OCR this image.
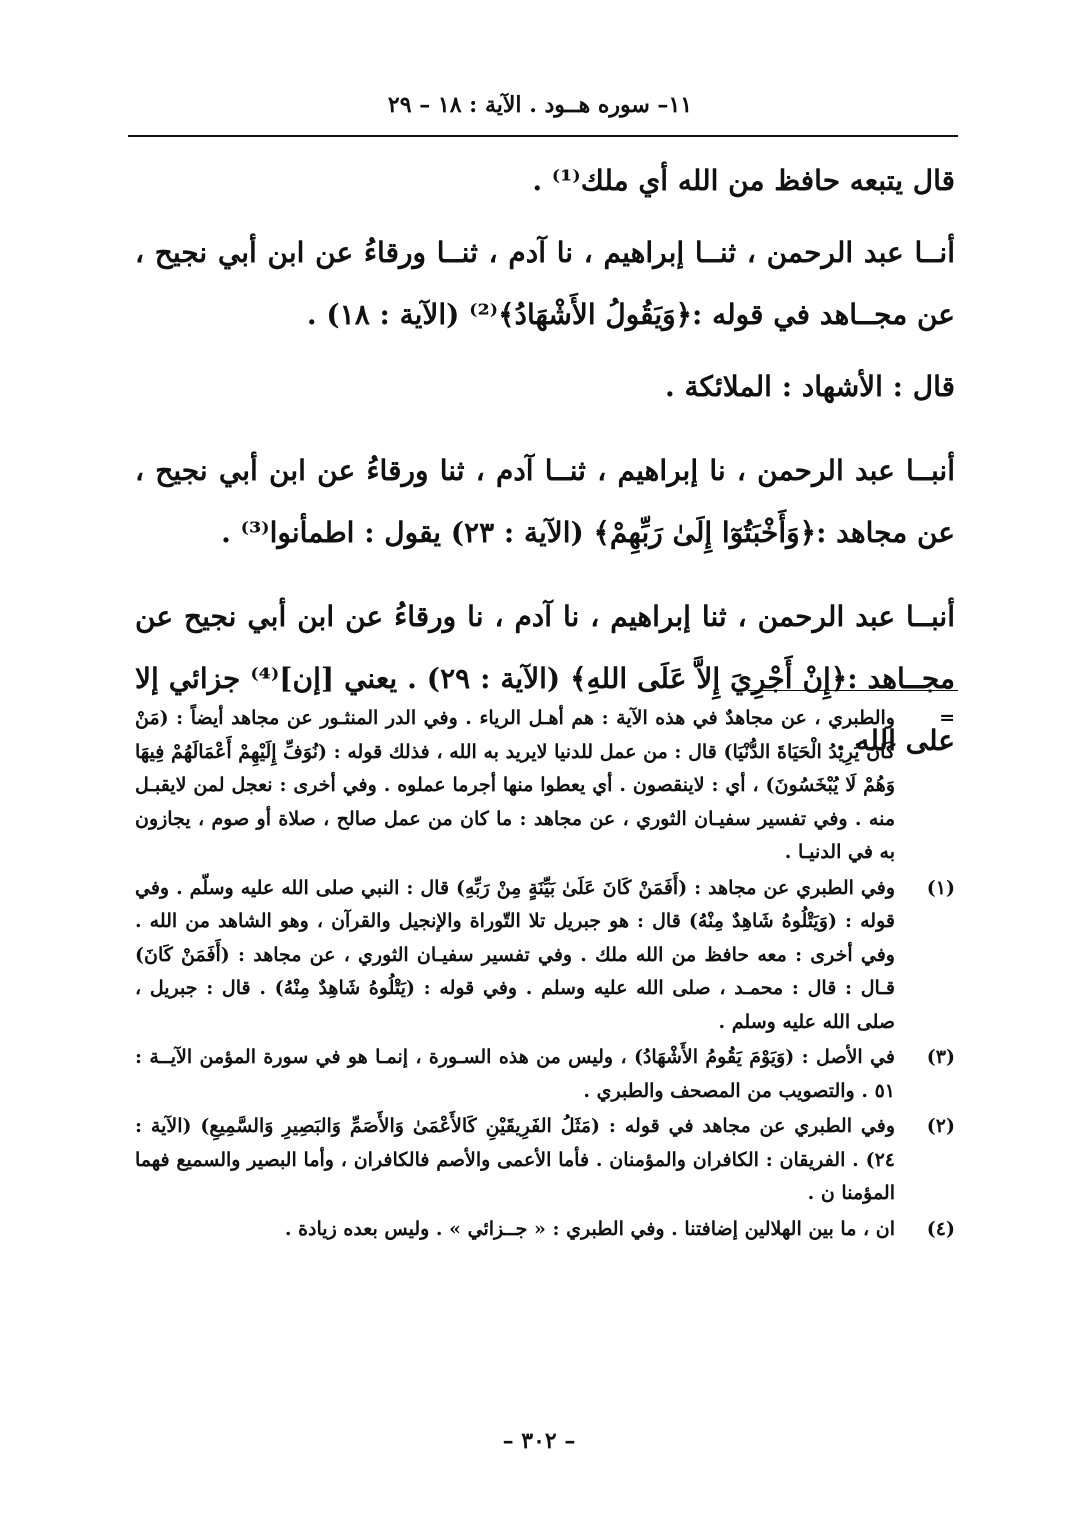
١١– سوره هــود . الآية : ١٨ – ٢٩

قال يتبعه حافظ من الله أي ملك⁽¹⁾ .

أنــا عبد الرحمن ، ثنــا إبراهيم ، نا آدم ، ثنــا ورقاءُ عن ابن أبي نجيح ، عن مجــاهد في قوله :﴿وَيَقُولُ الأَشْهَادُ﴾⁽²⁾ (الآية : ١٨) .

قال : الأشهاد : الملائكة .

أنبــا عبد الرحمن ، نا إبراهيم ، ثنــا آدم ، ثنا ورقاءُ عن ابن أبي نجيح ، عن مجاهد :﴿وَأَخْبَتُوٓا إِلَىٰ رَبِّهِمْ﴾ (الآية : ٢٣) يقول : اطمأنوا⁽³⁾ .

أنبــا عبد الرحمن ، ثنا إبراهيم ، نا آدم ، نا ورقاءُ عن ابن أبي نجيح عن مجــاهد :﴿إِنْ أَجْرِيَ إِلاَّ عَلَى اللهِ﴾ (الآية : ٢٩) . يعني [إن]⁽⁴⁾ جزائي إلا على الله .

=
والطبري ، عن مجاهدٌ في هذه الآية : هم أهـل الرياء . وفي الدر المنثـور عن مجاهد أيضاً : (مَنْ كَانَ يُرِيدُ الْحَيَاةَ الدُّنْيَا) قال : من عمل للدنيا لايريد به الله ، فذلك قوله : (نُوَفِّ إِلَيْهِمْ أَعْمَالَهُمْ فِيهَا وَهُمْ لَا يُبْخَسُونَ) ، أي : لاينقصون . أي يعطوا منها أجرما عملوه . وفي أخرى : نعجل لمن لايقبـل منه . وفي تفسير سفيـان الثوري ، عن مجاهد : ما كان من عمل صالح ، صلاة أو صوم ، يجازون به في الدنيـا .
(١)
وفي الطبري عن مجاهد : (أَفَمَنْ كَانَ عَلَىٰ بَيِّنَةٍ مِنْ رَبِّهِ) قال : النبي صلى الله عليه وسلّم . وفي قوله : (وَيَتْلُوهُ شَاهِدٌ مِنْهُ) قال : هو جبريل تلا التّوراة والإنجيل والقرآن ، وهو الشاهد من الله . وفي أخرى : معه حافظ من الله ملك . وفي تفسير سفيـان الثوري ، عن مجاهد : (أَفَمَنْ كَانَ) قـال : قال : محمـد ، صلى الله عليه وسلم . وفي قوله : (يَتْلُوهُ شَاهِدٌ مِنْهُ) . قال : جبريل ، صلى الله عليه وسلم .
(٣)
في الأصل : (وَيَوْمَ يَقُومُ الأَشْهَادُ) ، وليس من هذه السـورة ، إنمـا هو في سورة المؤمن الآيــة : ٥١ . والتصويب من المصحف والطبري .
(٢)
وفي الطبري عن مجاهد في قوله : (مَثَلُ الفَرِيقَيْنِ كَالأَعْمَىٰ وَالأَصَمِّ وَالبَصِيرِ وَالسَّمِيعِ) (الآية : ٢٤) . الفريقان : الكافران والمؤمنان . فأما الأعمى والأصم فالكافران ، وأما البصير والسميع فهما المؤمنا ن .
(٤)
ان ، ما بين الهلالين إضافتنا . وفي الطبري : « جــزائي » . وليس بعده زيادة .
– ٣٠٢ –
